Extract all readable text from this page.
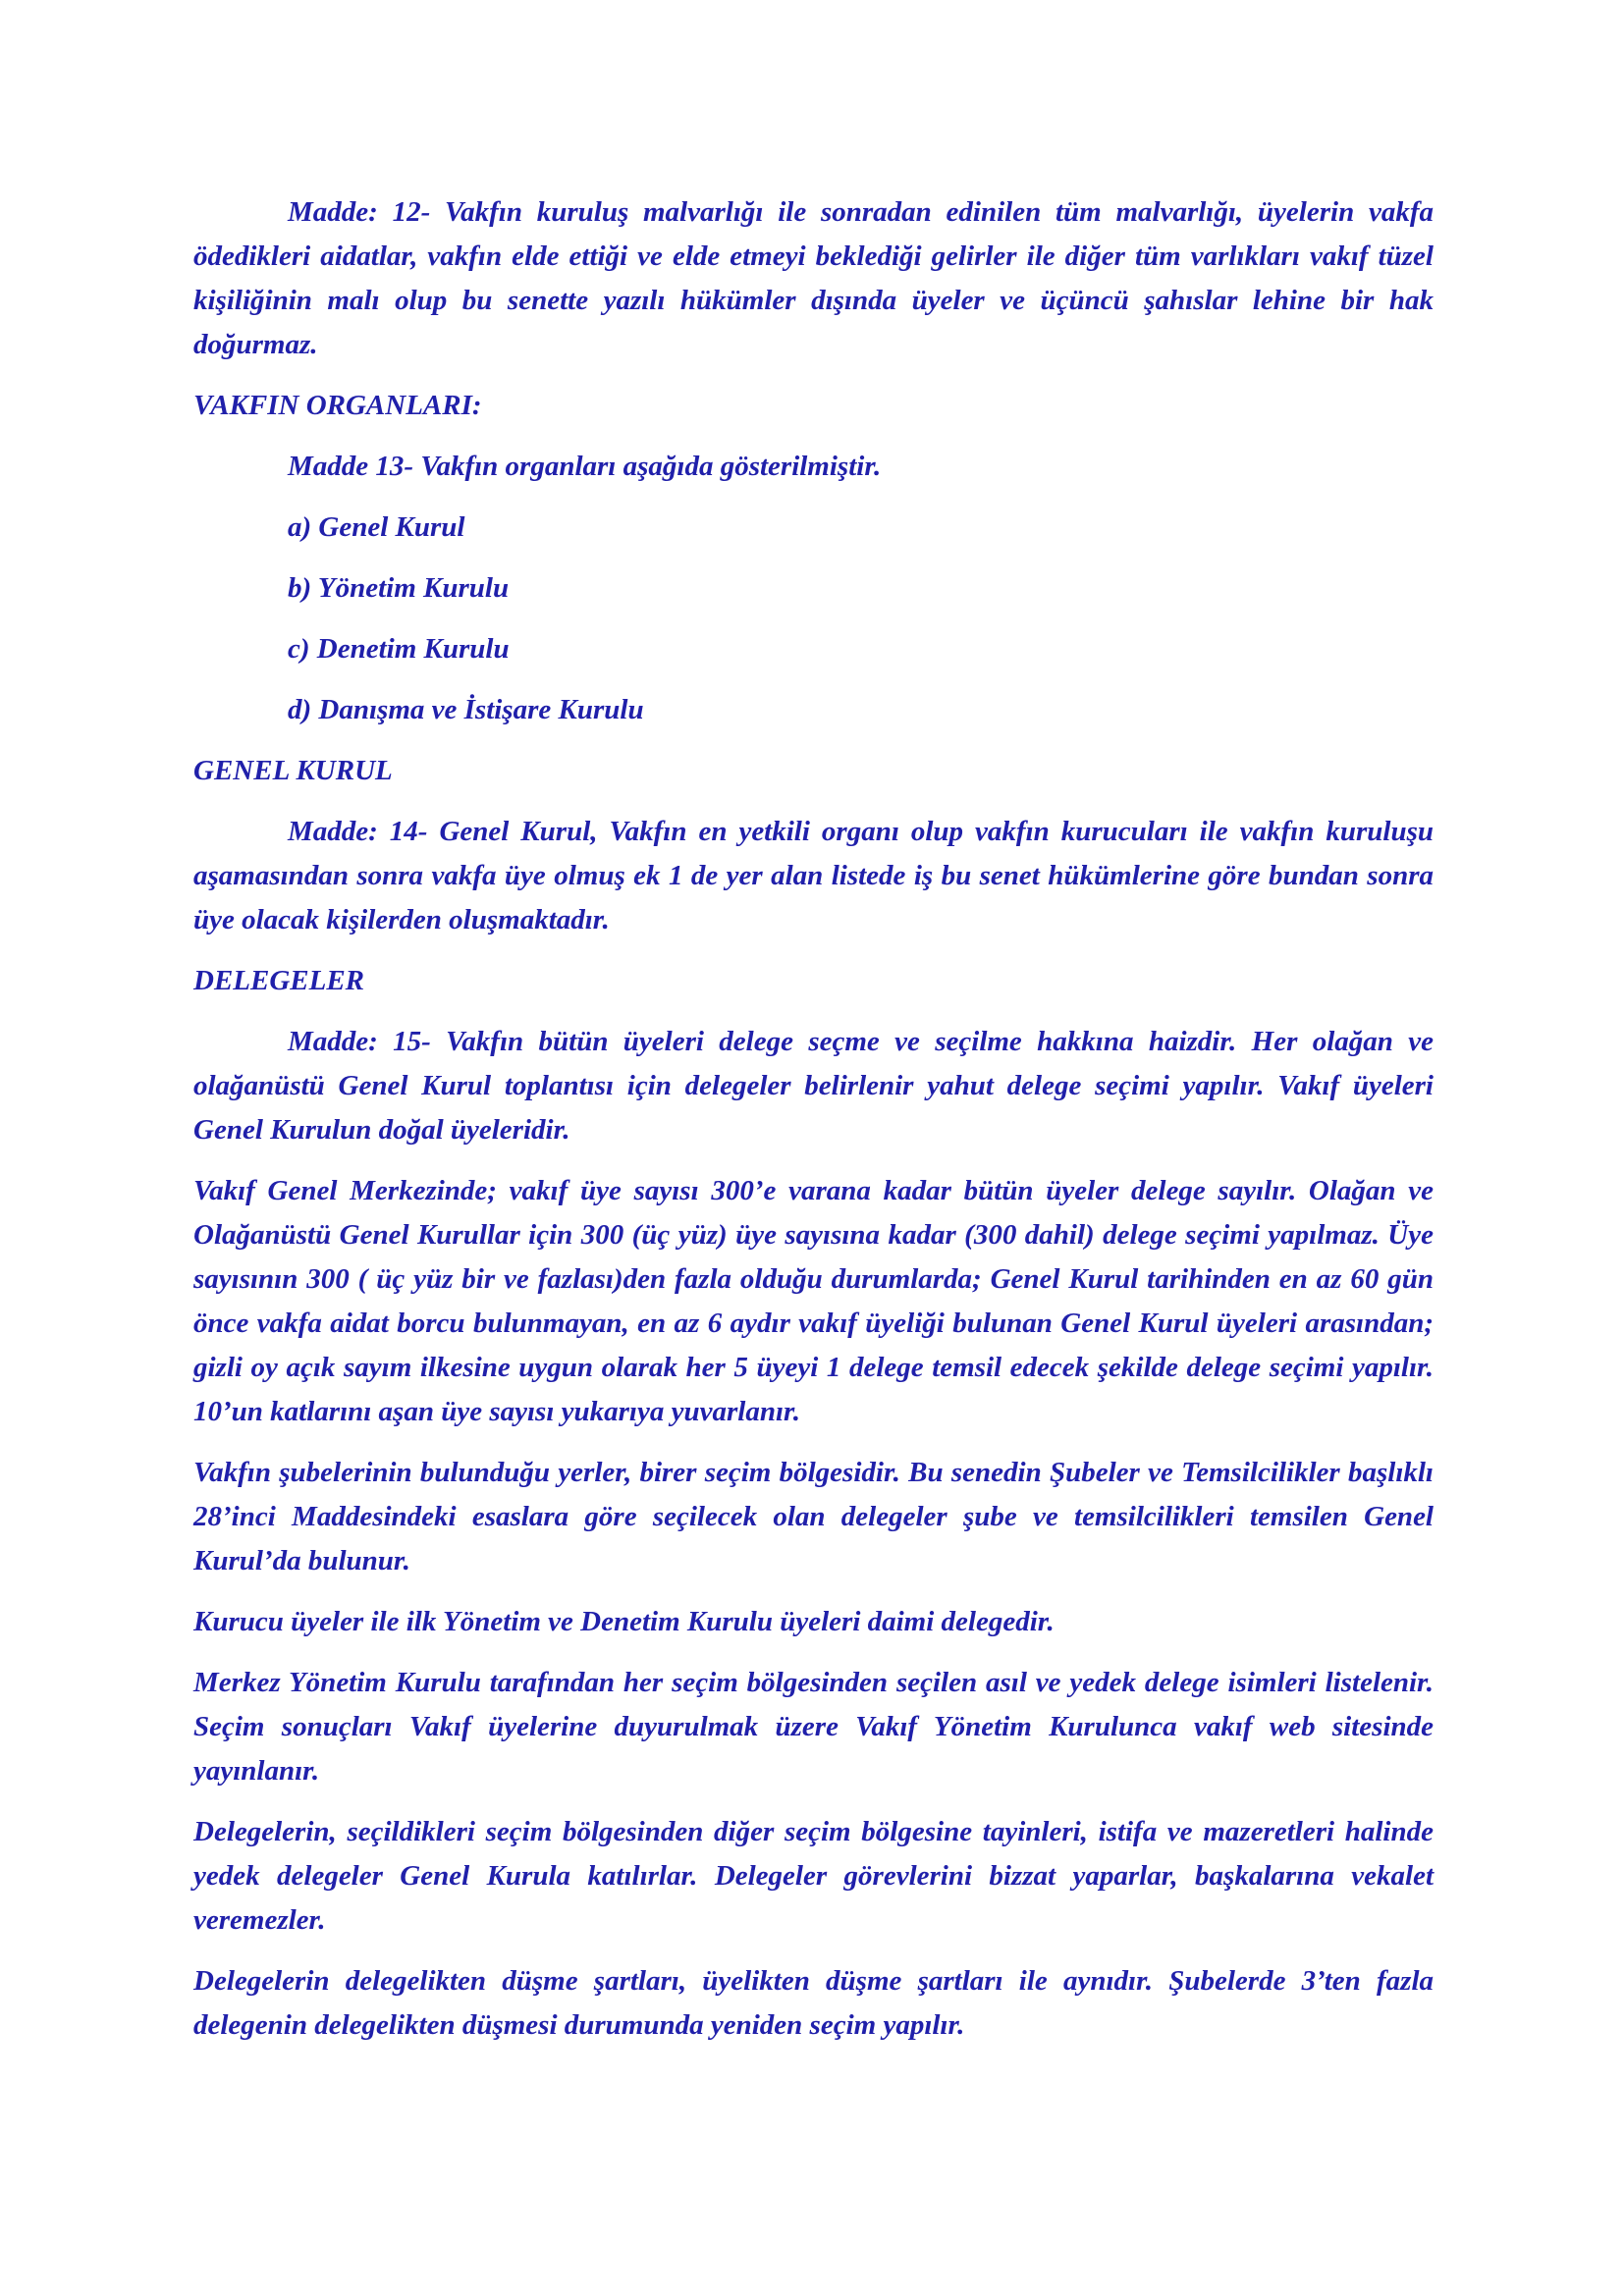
Madde: 12- Vakfın kuruluş malvarlığı ile sonradan edinilen tüm malvarlığı, üyelerin vakfa ödedikleri aidatlar, vakfın elde ettiği ve elde etmeyi beklediği gelirler ile diğer tüm varlıkları vakıf tüzel kişiliğinin malı olup bu senette yazılı hükümler dışında üyeler ve üçüncü şahıslar lehine bir hak doğurmaz.

VAKFIN ORGANLARI:

Madde 13- Vakfın organları aşağıda gösterilmiştir.

a) Genel Kurul

b) Yönetim Kurulu

c) Denetim Kurulu

d) Danışma ve İstişare Kurulu

GENEL KURUL

Madde: 14- Genel Kurul, Vakfın en yetkili organı olup vakfın kurucuları ile vakfın kuruluşu aşamasından sonra vakfa üye olmuş ek 1 de yer alan listede iş bu senet hükümlerine göre bundan sonra üye olacak kişilerden oluşmaktadır.

DELEGELER

Madde: 15- Vakfın bütün üyeleri delege seçme ve seçilme hakkına haizdir. Her olağan ve olağanüstü Genel Kurul toplantısı için delegeler belirlenir yahut delege seçimi yapılır. Vakıf üyeleri Genel Kurulun doğal üyeleridir.

Vakıf Genel Merkezinde; vakıf üye sayısı 300’e varana kadar bütün üyeler delege sayılır. Olağan ve Olağanüstü Genel Kurullar için 300 (üç yüz) üye sayısına kadar (300 dahil) delege seçimi yapılmaz. Üye sayısının 300 ( üç yüz bir ve fazlası)den fazla olduğu durumlarda; Genel Kurul tarihinden en az 60 gün önce vakfa aidat borcu bulunmayan, en az 6 aydır vakıf üyeliği bulunan Genel Kurul üyeleri arasından; gizli oy açık sayım ilkesine uygun olarak her 5 üyeyi 1 delege temsil edecek şekilde delege seçimi yapılır. 10’un katlarını aşan üye sayısı yukarıya yuvarlanır.

Vakfın şubelerinin bulunduğu yerler, birer seçim bölgesidir. Bu senedin Şubeler ve Temsilcilikler başlıklı 28’inci Maddesindeki esaslara göre seçilecek olan delegeler şube ve temsilcilikleri temsilen Genel Kurul’da bulunur.

Kurucu üyeler ile ilk Yönetim ve Denetim Kurulu üyeleri daimi delegedir.

Merkez Yönetim Kurulu tarafından her seçim bölgesinden seçilen asıl ve yedek delege isimleri listelenir. Seçim sonuçları Vakıf üyelerine duyurulmak üzere Vakıf Yönetim Kurulunca vakıf web sitesinde yayınlanır.

Delegelerin, seçildikleri seçim bölgesinden diğer seçim bölgesine tayinleri, istifa ve mazeretleri halinde yedek delegeler Genel Kurula katılırlar. Delegeler görevlerini bizzat yaparlar, başkalarına vekalet veremezler.

Delegelerin delegelikten düşme şartları, üyelikten düşme şartları ile aynıdır. Şubelerde 3’ten fazla delegenin delegelikten düşmesi durumunda yeniden seçim yapılır.
